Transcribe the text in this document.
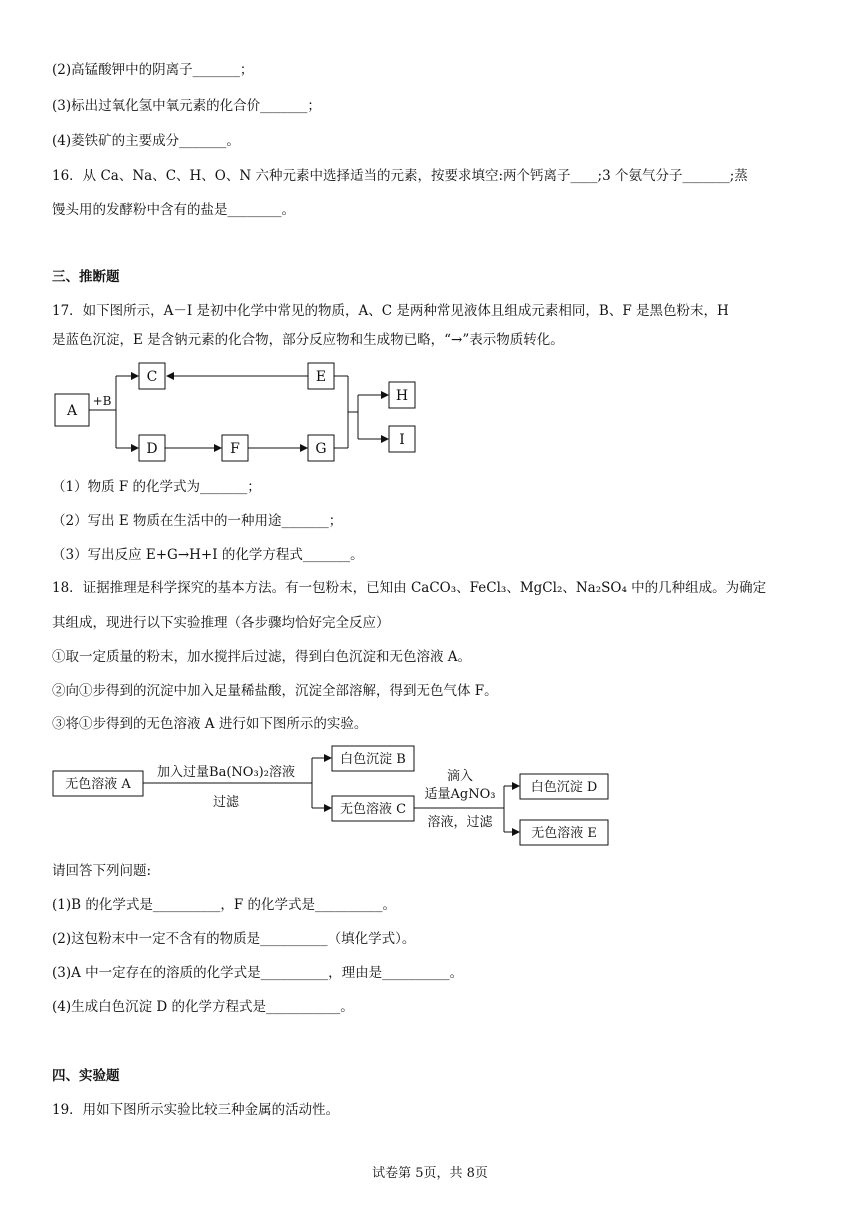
(2)高锰酸钾中的阴离子_______；
(3)标出过氧化氢中氧元素的化合价_______；
(4)菱铁矿的主要成分_______。
16．从 Ca、Na、C、H、O、N 六种元素中选择适当的元素，按要求填空:两个钙离子____;3 个氨气分子_______;蒸
馒头用的发酵粉中含有的盐是________。
三、推断题
17．如下图所示，A－I 是初中化学中常见的物质，A、C 是两种常见液体且组成元素相同，B、F 是黑色粉末，H
是蓝色沉淀，E 是含钠元素的化合物，部分反应物和生成物已略，“→”表示物质转化。
A
+B
C
D	F
E
G
H
I
（1）物质 F 的化学式为_______；
（2）写出 E 物质在生活中的一种用途_______；
（3）写出反应 E+G→H+I 的化学方程式_______。
18．证据推理是科学探究的基本方法。有一包粉末，已知由 CaCO₃、FeCl₃、MgCl₂、Na₂SO₄ 中的几种组成。为确定
其组成，现进行以下实验推理（各步骤均恰好完全反应）
①取一定质量的粉末，加水搅拌后过滤，得到白色沉淀和无色溶液 A。
②向①步得到的沉淀中加入足量稀盐酸，沉淀全部溶解，得到无色气体 F。
③将①步得到的无色溶液 A 进行如下图所示的实验。
无色溶液 A
加入过量Ba(NO₃)₂溶液
过滤
白色沉淀 B
无色溶液 C
滴入
适量AgNO₃
溶液，过滤
白色沉淀 D
无色溶液 E
请回答下列问题:
(1)B 的化学式是__________，F 的化学式是__________。
(2)这包粉末中一定不含有的物质是__________（填化学式）。
(3)A 中一定存在的溶质的化学式是__________，理由是__________。
(4)生成白色沉淀 D 的化学方程式是___________。
四、实验题
19．用如下图所示实验比较三种金属的活动性。
试卷第 5页，共 8页
